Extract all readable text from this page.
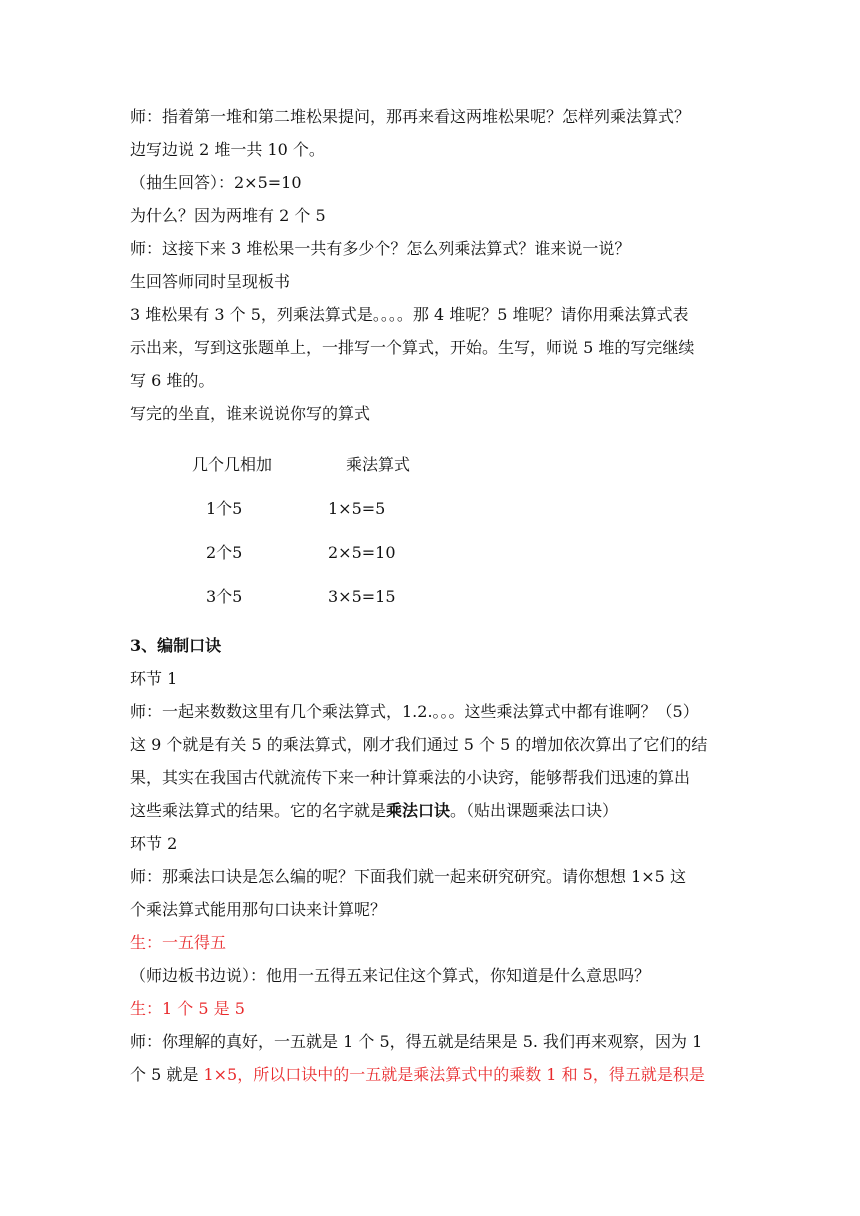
师：指着第一堆和第二堆松果提问，那再来看这两堆松果呢？怎样列乘法算式？
边写边说 2 堆一共 10 个。
（抽生回答）：2×5=10
为什么？因为两堆有 2 个 5
师：这接下来 3 堆松果一共有多少个？怎么列乘法算式？谁来说一说？
生回答师同时呈现板书
3 堆松果有 3 个 5，列乘法算式是。。。。那 4 堆呢？5 堆呢？请你用乘法算式表
示出来，写到这张题单上，一排写一个算式，开始。生写，师说 5 堆的写完继续
写 6 堆的。
写完的坐直，谁来说说你写的算式
几个几相加	乘法算式
1个5	1×5=5
2个5	2×5=10
3个5	3×5=15
3、编制口诀
环节 1
师：一起来数数这里有几个乘法算式，1.2.。。。这些乘法算式中都有谁啊？（5）
这 9 个就是有关 5 的乘法算式，刚才我们通过 5 个 5 的增加依次算出了它们的结
果，其实在我国古代就流传下来一种计算乘法的小诀窍，能够帮我们迅速的算出
这些乘法算式的结果。它的名字就是乘法口诀。（贴出课题乘法口诀）
环节 2
师：那乘法口诀是怎么编的呢？下面我们就一起来研究研究。请你想想 1×5 这
个乘法算式能用那句口诀来计算呢？
生：一五得五
（师边板书边说）：他用一五得五来记住这个算式，你知道是什么意思吗？
生：1 个 5 是 5
师：你理解的真好，一五就是 1 个 5，得五就是结果是 5. 我们再来观察，因为 1
个 5 就是 1×5，所以口诀中的一五就是乘法算式中的乘数 1 和 5，得五就是积是
